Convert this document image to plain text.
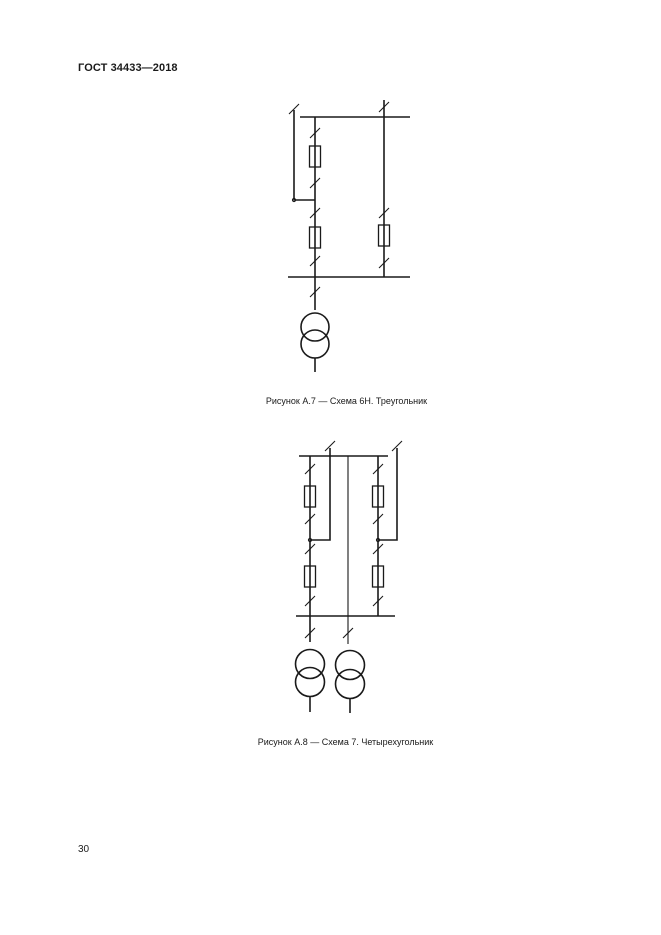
ГОСТ 34433—2018
Рисунок А.7 — Схема 6Н. Треугольник
Рисунок А.8 — Схема 7. Четырехугольник
30
